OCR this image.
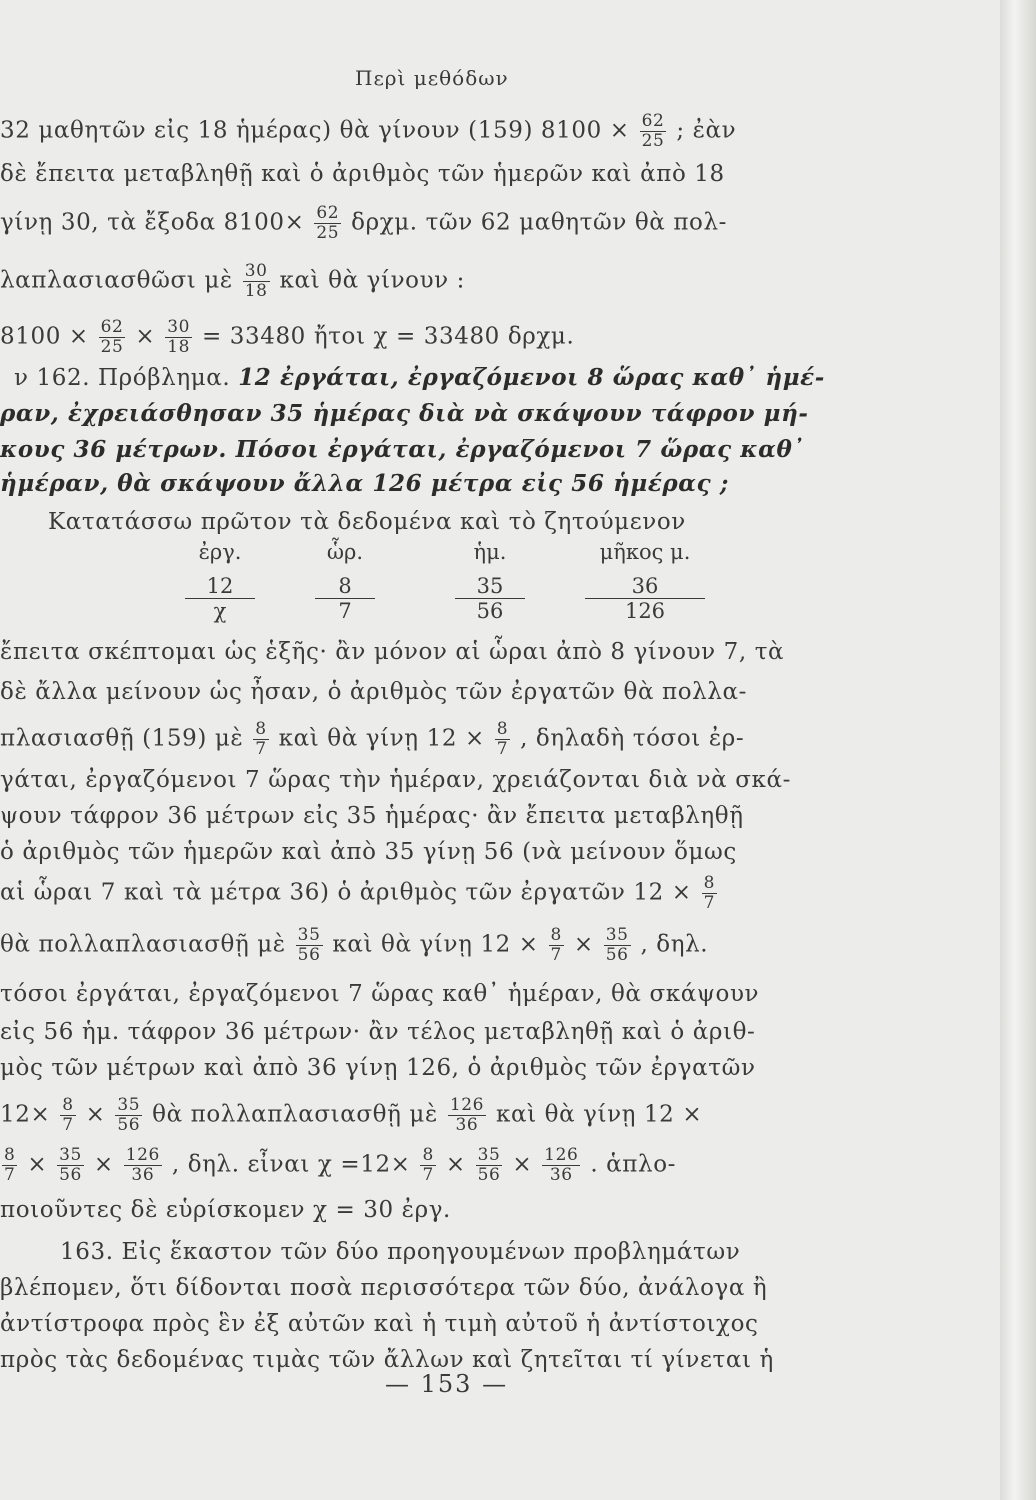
Περὶ μεθόδων
32 μαθητῶν εἰς 18 ἡμέρας) θὰ γίνουν (159) $8100 \times \frac{62}{25}$ ; ἐὰν
δὲ ἔπειτα μεταβληθῇ καὶ ὁ ἀριθμὸς τῶν ἡμερῶν καὶ ἀπὸ 18
γίνῃ 30, τὰ ἔξοδα $8100\times \frac{62}{25} \delta\rho\chi\mu$. τῶν 62 μαθητῶν θὰ πολ-
λαπλασιασθῶσι μὲ $\frac{30}{18}$ καὶ θὰ γίνουν :
$8100 \times \frac{62}{25} \times \frac{30}{18} = 33480$ ἤτοι χ = 33480 δρχμ.
ν 162. Πρόβλημα. 12 ἐργάται, ἐργαζόμενοι 8 ὥρας καθ᾽ ἡμέ-
ραν, ἐχρειάσθησαν 35 ἡμέρας διὰ νὰ σκάψουν τάφρον μή-
κους 36 μέτρων. Πόσοι ἐργάται, ἐργαζόμενοι 7 ὥρας καθ᾽
ἡμέραν, θὰ σκάψουν ἄλλα 126 μέτρα εἰς 56 ἡμέρας ;
Κατατάσσω πρῶτον τὰ δεδομένα καὶ τὸ ζητούμενον
ἔπειτα σκέπτομαι ὡς ἑξῆς· ἂν μόνον αἱ ὧραι ἀπὸ 8 γίνουν 7, τὰ
δὲ ἄλλα μείνουν ὡς ἦσαν, ὁ ἀριθμὸς τῶν ἐργατῶν θὰ πολλα-
πλασιασθῇ (159) μὲ $\frac{8}{7}$ καὶ θὰ γίνῃ $12 \times \frac{8}{7}$ , δηλαδὴ τόσοι ἐρ-
γάται, ἐργαζόμενοι 7 ὥρας τὴν ἡμέραν, χρειάζονται διὰ νὰ σκά-
ψουν τάφρον 36 μέτρων εἰς 35 ἡμέρας· ἂν ἔπειτα μεταβληθῇ
ὁ ἀριθμὸς τῶν ἡμερῶν καὶ ἀπὸ 35 γίνῃ 56 (νὰ μείνουν ὅμως
αἱ ὧραι 7 καὶ τὰ μέτρα 36) ὁ ἀριθμὸς τῶν ἐργατῶν $12 \times \frac{8}{7}$
θὰ πολλαπλασιασθῇ μὲ $\frac{35}{56}$ καὶ θὰ γίνῃ $12 \times \frac{8}{7} \times \frac{35}{56}$ , δηλ.
τόσοι ἐργάται, ἐργαζόμενοι 7 ὥρας καθ᾽ ἡμέραν, θὰ σκάψουν
εἰς 56 ἡμ. τάφρον 36 μέτρων· ἂν τέλος μεταβληθῇ καὶ ὁ ἀριθ-
μὸς τῶν μέτρων καὶ ἀπὸ 36 γίνῃ 126, ὁ ἀριθμὸς τῶν ἐργατῶν
$12\times \frac{8}{7} \times \frac{35}{56}$ θὰ πολλαπλασιασθῇ μὲ $\frac{126}{36}$ καὶ θὰ γίνῃ 12 ×
$\frac{8}{7} \times \frac{35}{56} \times \frac{126}{36}$ , δηλ. εἶναι $\chi =12\times \frac{8}{7} \times \frac{35}{56} \times \frac{126}{36}$ . ἁπλο-
ποιοῦντες δὲ εὑρίσκομεν χ = 30 ἐργ.
163. Εἰς ἕκαστον τῶν δύο προηγουμένων προβλημάτων
βλέπομεν, ὅτι δίδονται ποσὰ περισσότερα τῶν δύο, ἀνάλογα ἢ
ἀντίστροφα πρὸς ἓν ἐξ αὐτῶν καὶ ἡ τιμὴ αὐτοῦ ἡ ἀντίστοιχος
πρὸς τὰς δεδομένας τιμὰς τῶν ἄλλων καὶ ζητεῖται τί γίνεται ἡ
ἐργ.
12
χ
ὧρ.
8
7
ἡμ.
35
56
μῆκος μ.
36
126
— 153 —
